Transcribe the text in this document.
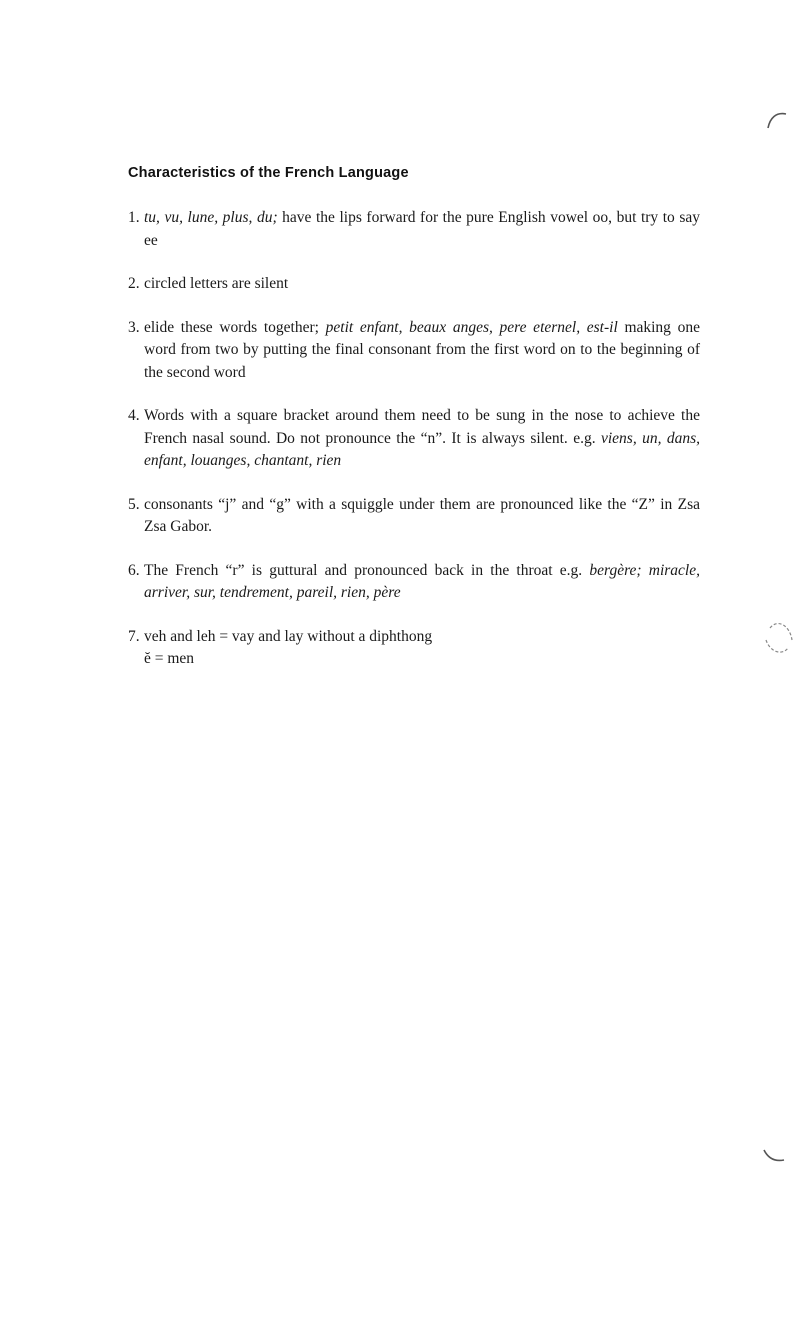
Characteristics of the French Language
1. tu, vu, lune, plus, du; have the lips forward for the pure English vowel oo, but try to say ee
2. circled letters are silent
3. elide these words together; petit enfant, beaux anges, pere eternel, est-il making one word from two by putting the final consonant from the first word on to the beginning of the second word
4. Words with a square bracket around them need to be sung in the nose to achieve the French nasal sound. Do not pronounce the “n”. It is always silent. e.g. viens, un, dans, enfant, louanges, chantant, rien
5. consonants “j” and “g” with a squiggle under them are pronounced like the “Z” in Zsa Zsa Gabor.
6. The French “r” is guttural and pronounced back in the throat e.g. bergère; miracle, arriver, sur, tendrement, pareil, rien, père
7. veh and leh = vay and lay without a diphthong
ĕ = men
